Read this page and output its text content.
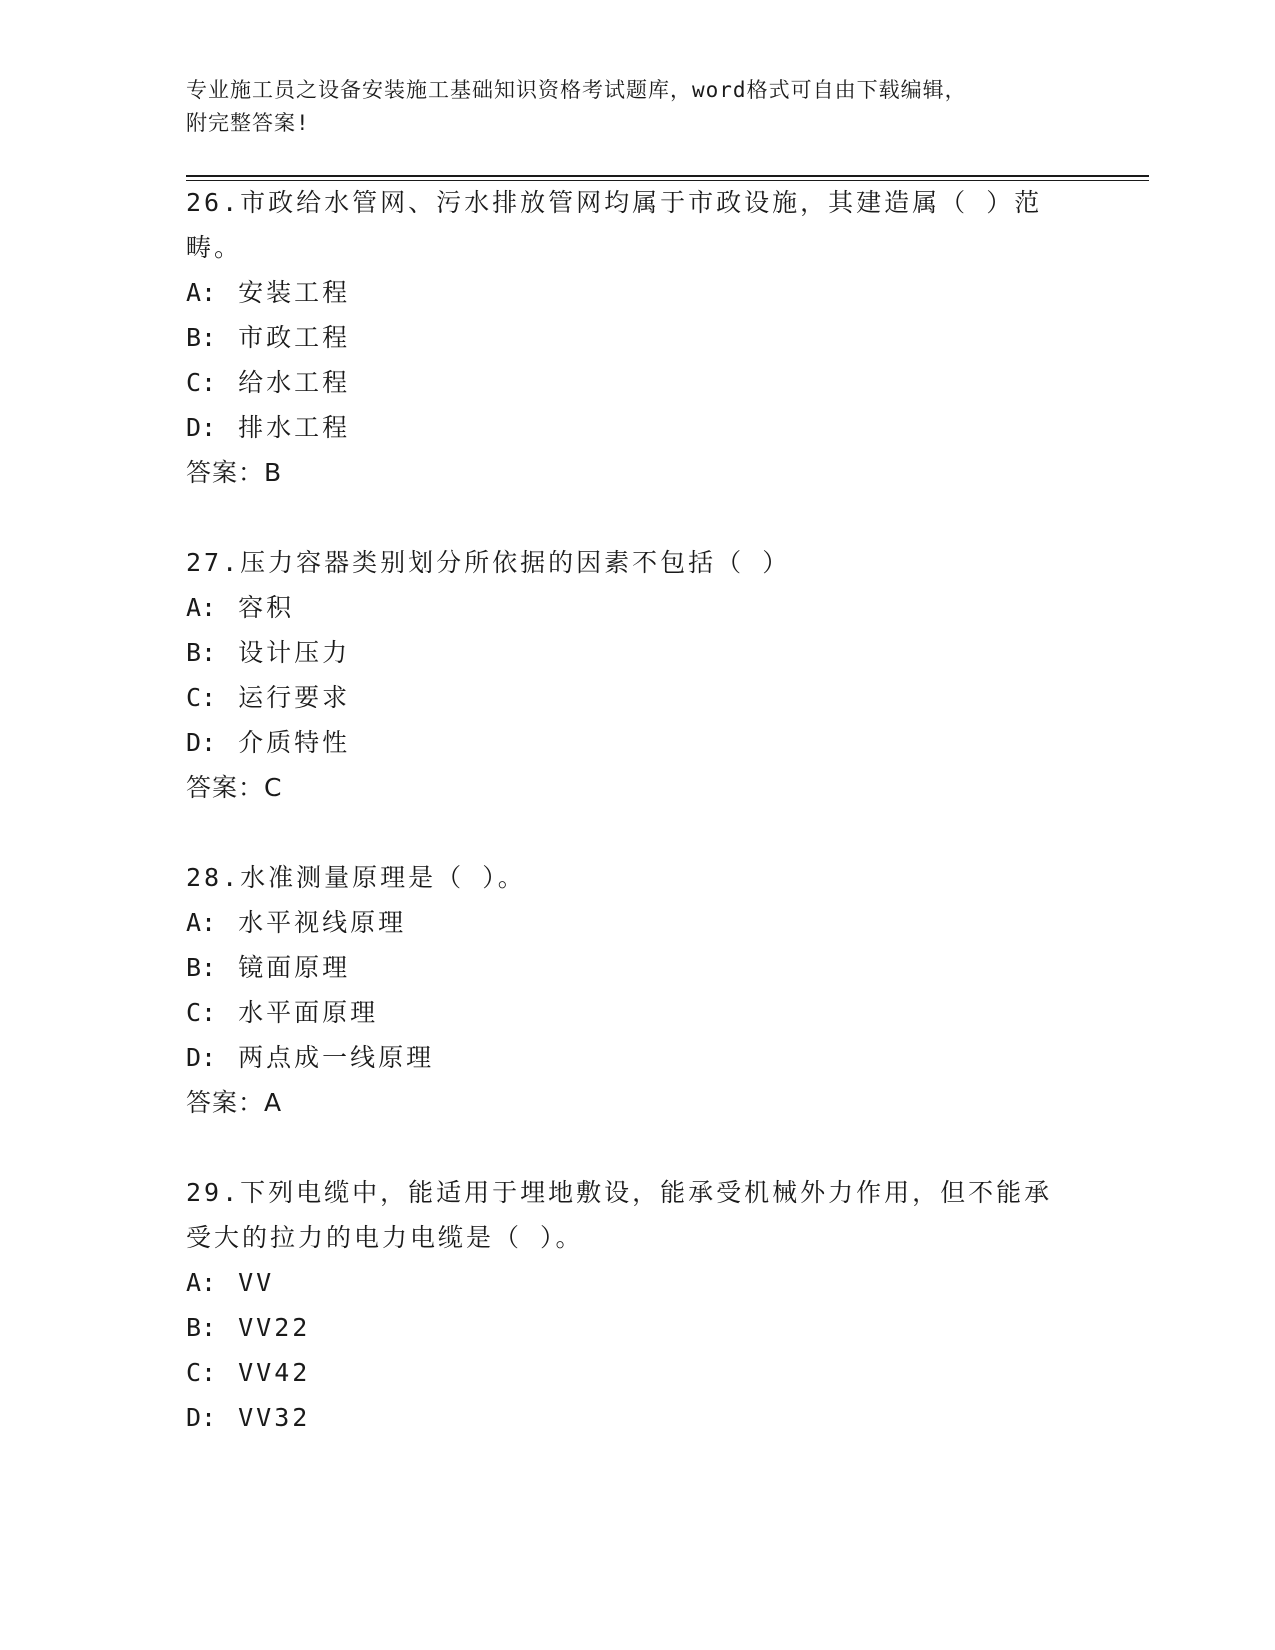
专业施工员之设备安装施工基础知识资格考试题库，word格式可自由下载编辑，
附完整答案!
26.市政给水管网、污水排放管网均属于市政设施，其建造属（ ）范
畴。
A: 安装工程
B: 市政工程
C: 给水工程
D: 排水工程
答案：B
27.压力容器类别划分所依据的因素不包括（ ）
A: 容积
B: 设计压力
C: 运行要求
D: 介质特性
答案：C
28.水准测量原理是（ ）。
A: 水平视线原理
B: 镜面原理
C: 水平面原理
D: 两点成一线原理
答案：A
29.下列电缆中，能适用于埋地敷设，能承受机械外力作用，但不能承
受大的拉力的电力电缆是（ ）。
A: VV
B: VV22
C: VV42
D: VV32
